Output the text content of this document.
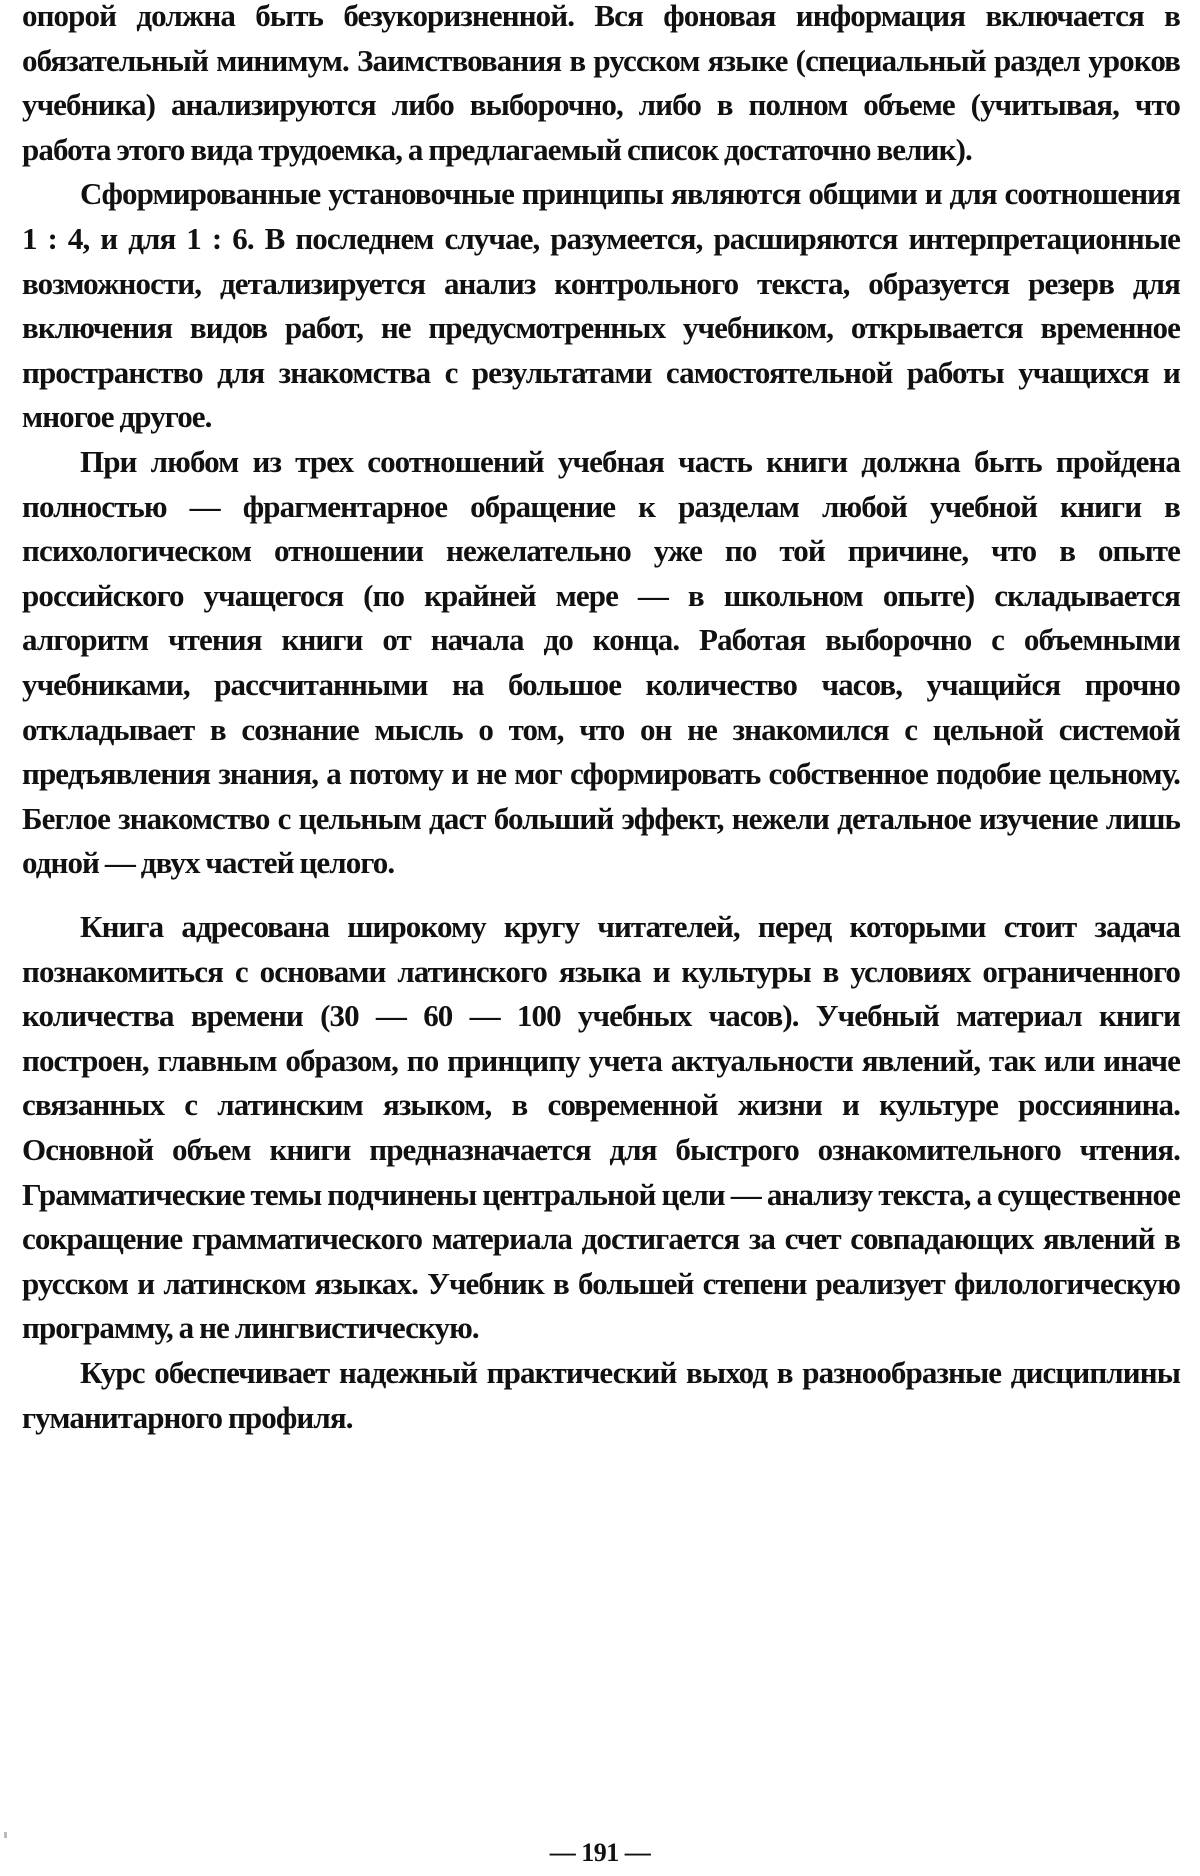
опорой должна быть безукоризненной. Вся фоновая информация включается в обязательный минимум. Заимствования в русском языке (специальный раздел уроков учебника) анализируются либо выборочно, либо в полном объеме (учитывая, что работа этого вида трудоемка, а предлагаемый список достаточно велик).

Сформированные установочные принципы являются общими и для соотношения 1 : 4, и для 1 : 6. В последнем случае, разумеется, расширяются интерпретационные возможности, детализируется анализ контрольного текста, образуется резерв для включения видов работ, не предусмотренных учебником, открывается временное пространство для знакомства с результатами самостоятельной работы учащихся и многое другое.

При любом из трех соотношений учебная часть книги должна быть пройдена полностью — фрагментарное обращение к разделам любой учебной книги в психологическом отношении нежелательно уже по той причине, что в опыте российского учащегося (по крайней мере — в школьном опыте) складывается алгоритм чтения книги от начала до конца. Работая выборочно с объемными учебниками, рассчитанными на большое количество часов, учащийся прочно откладывает в сознание мысль о том, что он не знакомился с цельной системой предъявления знания, а потому и не мог сформировать собственное подобие цельному. Беглое знакомство с цельным даст больший эффект, нежели детальное изучение лишь одной — двух частей целого.

Книга адресована широкому кругу читателей, перед которыми стоит задача познакомиться с основами латинского языка и культуры в условиях ограниченного количества времени (30 — 60 — 100 учебных часов). Учебный материал книги построен, главным образом, по принципу учета актуальности явлений, так или иначе связанных с латинским языком, в современной жизни и культуре россиянина. Основной объем книги предназначается для быстрого ознакомительного чтения. Грамматические темы подчинены центральной цели — анализу текста, а существенное сокращение грамматического материала достигается за счет совпадающих явлений в русском и латинском языках. Учебник в большей степени реализует филологическую программу, а не лингвистическую.

Курс обеспечивает надежный практический выход в разнообразные дисциплины гуманитарного профиля.

— 191 —
